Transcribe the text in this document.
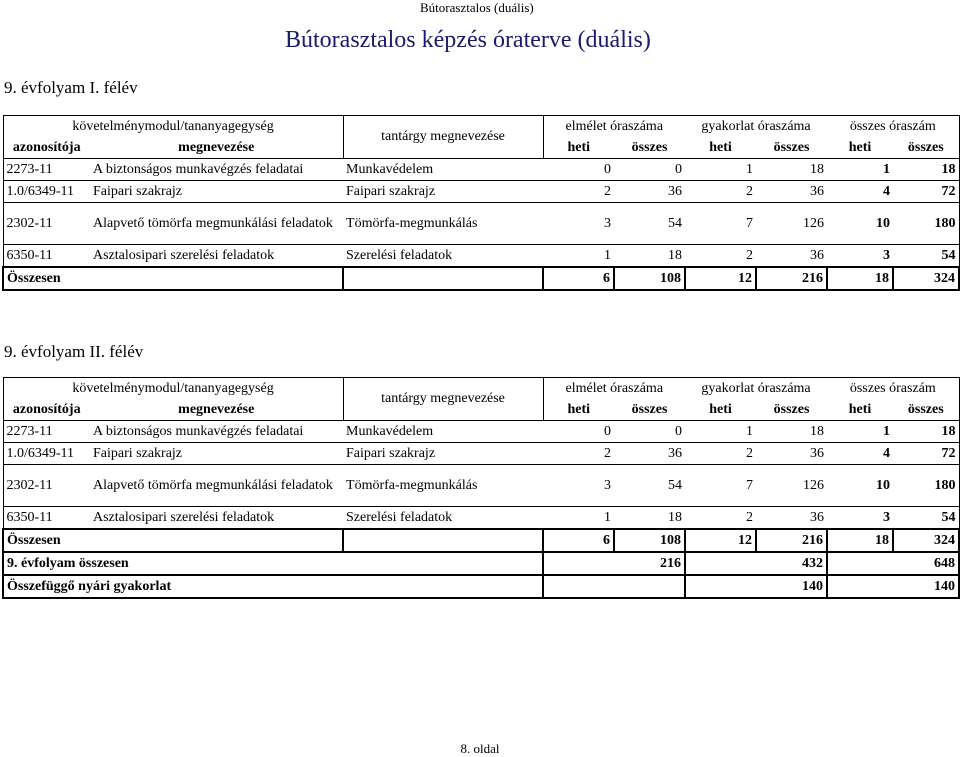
Bútorasztalos (duális)
Bútorasztalos képzés óraterve (duális)
9. évfolyam I. félév
követelménymodul/tananyagegység		tantárgy megnevezése	elmélet óraszáma		gyakorlat óraszáma		összes óraszám	
azonosítója	megnevezése		heti	összes	heti	összes	heti	összes
2273-11	A biztonságos munkavégzés feladatai	Munkavédelem	0	0	1	18	1	18
1.0/6349-11	Faipari szakrajz	Faipari szakrajz	2	36	2	36	4	72
2302-11	Alapvető tömörfa megmunkálási feladatok	Tömörfa-megmunkálás	3	54	7	126	10	180
6350-11	Asztalosipari szerelési feladatok	Szerelési feladatok	1	18	2	36	3	54
Összesen			6	108	12	216	18	324
9. évfolyam II. félév
követelménymodul/tananyagegység		tantárgy megnevezése	elmélet óraszáma		gyakorlat óraszáma		összes óraszám	
azonosítója	megnevezése		heti	összes	heti	összes	heti	összes
2273-11	A biztonságos munkavégzés feladatai	Munkavédelem	0	0	1	18	1	18
1.0/6349-11	Faipari szakrajz	Faipari szakrajz	2	36	2	36	4	72
2302-11	Alapvető tömörfa megmunkálási feladatok	Tömörfa-megmunkálás	3	54	7	126	10	180
6350-11	Asztalosipari szerelési feladatok	Szerelési feladatok	1	18	2	36	3	54
Összesen			6	108	12	216	18	324
9. évfolyam összesen			216		432		648	
Összefüggő nyári gyakorlat					140		140	
8. oldal
